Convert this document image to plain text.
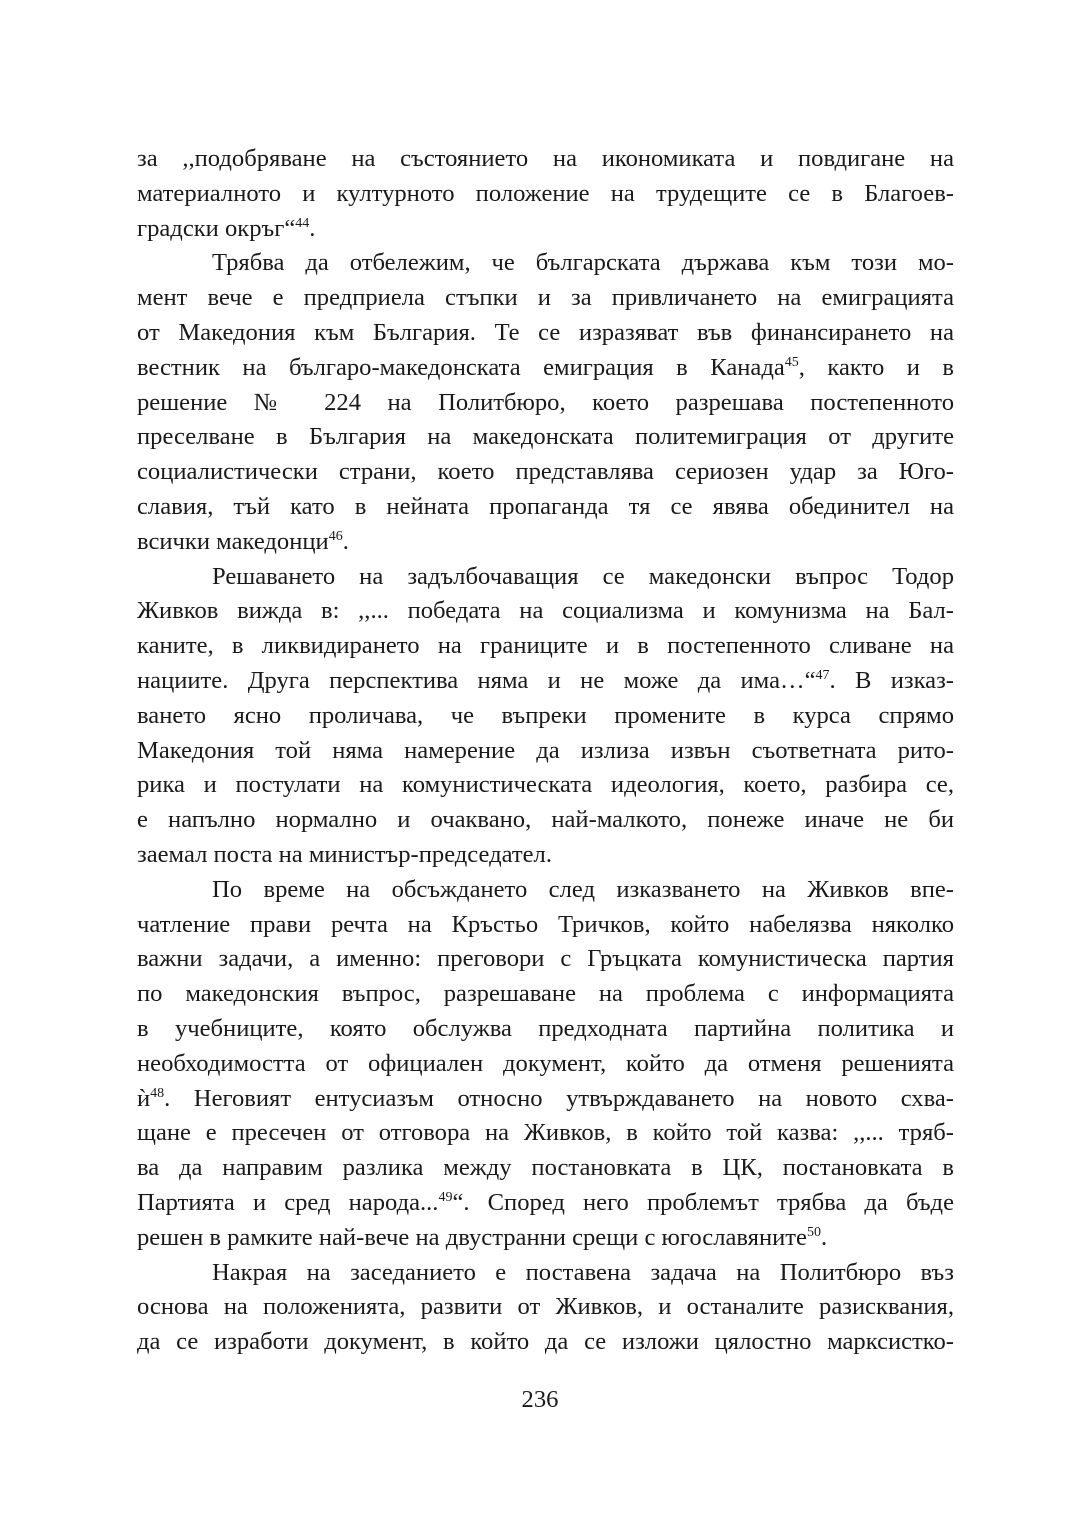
за ,,подобряване на състоянието на икономиката и повдигане на
материалното и културното положение на трудещите се в Благоев-
градски окръг“$^{44}$.
Трябва да отбележим, че българската държава към този мо-
мент вече е предприела стъпки и за привличането на емиграцията
от Македония към България. Те се изразяват във финансирането на
вестник на българо-македонската емиграция в Канада$^{45}$, както и в
решение № 224 на Политбюро, което разрешава постепенното
преселване в България на македонската политемиграция от другите
социалистически страни, което представлява сериозен удар за Юго-
славия, тъй като в нейната пропаганда тя се явява обединител на
всички македонци$^{46}$.
Решаването на задълбочаващия се македонски въпрос Тодор
Живков вижда в: ,,... победата на социализма и комунизма на Бал-
каните, в ликвидирането на границите и в постепенното сливане на
нациите. Друга перспектива няма и не може да има…“$^{47}$. В изказ-
ването ясно проличава, че въпреки промените в курса спрямо
Македония той няма намерение да излиза извън съответната рито-
рика и постулати на комунистическата идеология, което, разбира се,
е напълно нормално и очаквано, най-малкото, понеже иначе не би
заемал поста на министър-председател.
По време на обсъждането след изказването на Живков впе-
чатление прави речта на Кръстьо Тричков, който набелязва няколко
важни задачи, а именно: преговори с Гръцката комунистическа партия
по македонския въпрос, разрешаване на проблема с информацията
в учебниците, която обслужва предходната партийна политика и
необходимостта от официален документ, който да отменя решенията
$ѝ^{48}$. Неговият ентусиазъм относно утвърждаването на новото схва-
щане е пресечен от отговора на Живков, в който той казва: ,,... тряб-
ва да направим разлика между постановката в ЦК, постановката в
Партията и сред народа...$^{49}$“. Според него проблемът трябва да бъде
решен в рамките най-вече на двустранни срещи с югославяните$^{50}$.
Накрая на заседанието е поставена задача на Политбюро въз
основа на положенията, развити от Живков, и останалите разисквания,
да се изработи документ, в който да се изложи цялостно марксистко-
236
